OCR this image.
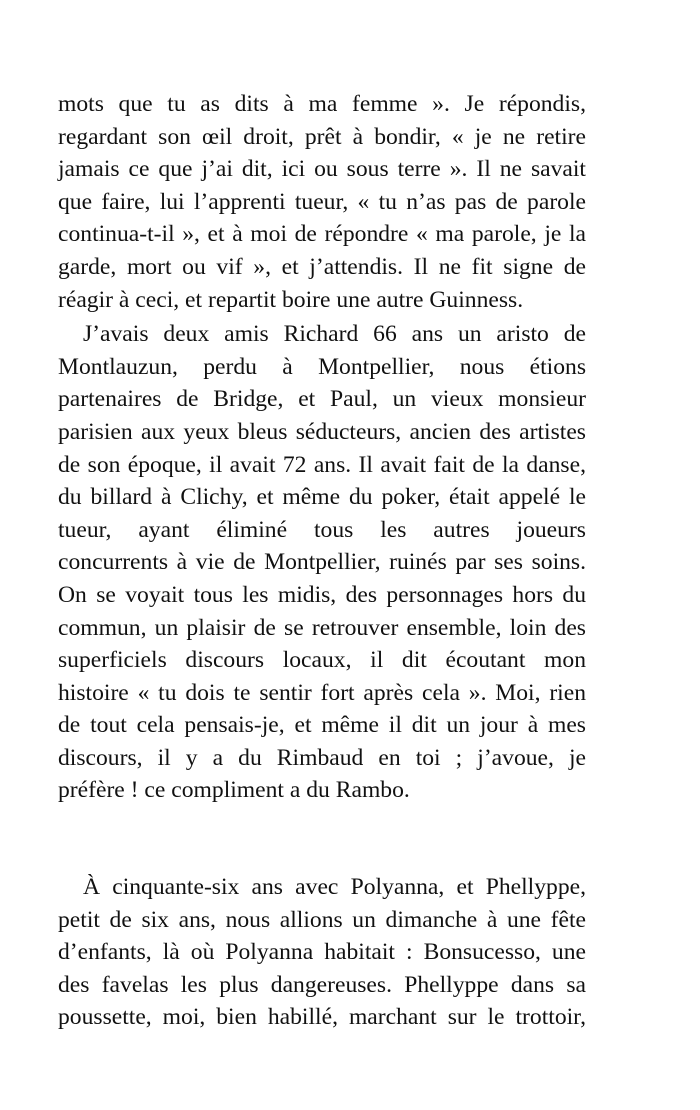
mots que tu as dits à ma femme ». Je répondis,
regardant son œil droit, prêt à bondir, « je ne retire
jamais ce que j’ai dit, ici ou sous terre ». Il ne savait
que faire, lui l’apprenti tueur, « tu n’as pas de parole
continua-t-il », et à moi de répondre « ma parole, je la
garde, mort ou vif », et j’attendis. Il ne fit signe de
réagir à ceci, et repartit boire une autre Guinness.
J’avais deux amis Richard 66 ans un aristo de
Montlauzun, perdu à Montpellier, nous étions
partenaires de Bridge, et Paul, un vieux monsieur
parisien aux yeux bleus séducteurs, ancien des artistes
de son époque, il avait 72 ans. Il avait fait de la danse,
du billard à Clichy, et même du poker, était appelé le
tueur, ayant éliminé tous les autres joueurs
concurrents à vie de Montpellier, ruinés par ses soins.
On se voyait tous les midis, des personnages hors du
commun, un plaisir de se retrouver ensemble, loin des
superficiels discours locaux, il dit écoutant mon
histoire « tu dois te sentir fort après cela ». Moi, rien
de tout cela pensais-je, et même il dit un jour à mes
discours, il y a du Rimbaud en toi ; j’avoue, je
préfère ! ce compliment a du Rambo.
À cinquante-six ans avec Polyanna, et Phellyppe,
petit de six ans, nous allions un dimanche à une fête
d’enfants, là où Polyanna habitait : Bonsucesso, une
des favelas les plus dangereuses. Phellyppe dans sa
poussette, moi, bien habillé, marchant sur le trottoir,
